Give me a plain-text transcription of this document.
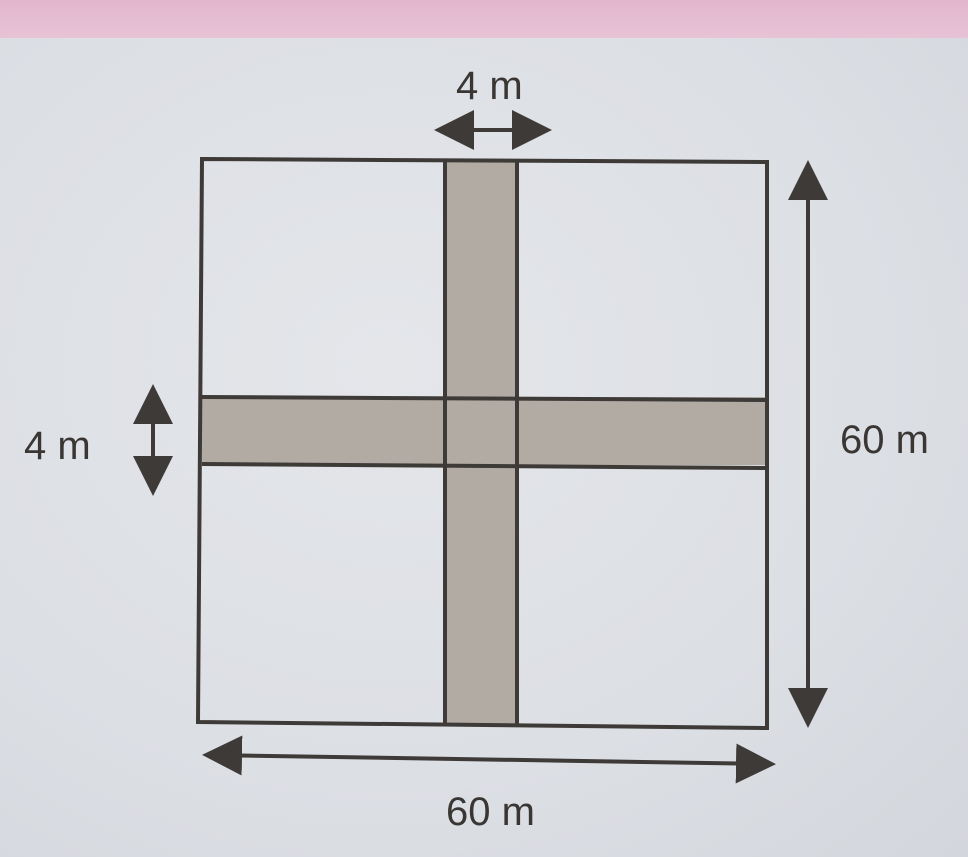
4 m
4 m	60 m
60 m
